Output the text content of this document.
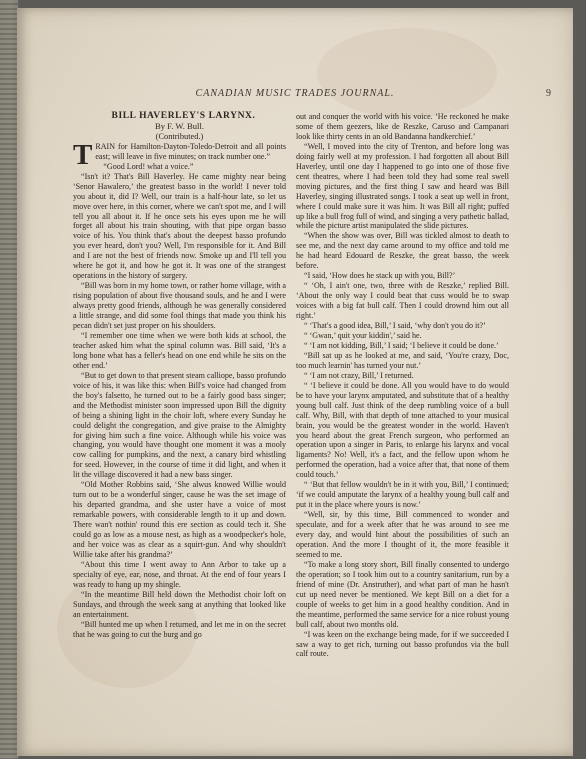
CANADIAN MUSIC TRADES JOURNAL.	9

BILL HAVERLEY'S LARYNX.

By F. W. Bull.

(Contributed.)

TRAIN for Hamilton-Dayton-Toledo-Detroit and all points east; will leave in five minutes; on track number one.”

“Good Lord! what a voice.”

“Isn't it? That's Bill Haverley. He came mighty near being ‘Senor Hawalero,’ the greatest basso in the world! I never told you about it, did I? Well, our train is a half-hour late, so let us move over here, in this corner, where we can't spot me, and I will tell you all about it. If he once sets his eyes upon me he will forget all about his train shouting, with that pipe organ basso voice of his. You think that's about the deepest basso profundo you ever heard, don't you? Well, I'm responsible for it. And Bill and I are not the best of friends now. Smoke up and I'll tell you where he got it, and how he got it. It was one of the strangest operations in the history of surgery.

“Bill was born in my home town, or rather home village, with a rising population of about five thousand souls, and he and I were always pretty good friends, although he was generally considered a little strange, and did some fool things that made you think his pecan didn't set just proper on his shoulders.

“I remember one time when we were both kids at school, the teacher asked him what the spinal column was. Bill said, ‘It's a long bone what has a feller's head on one end while he sits on the other end.’

“But to get down to that present steam calliope, basso profundo voice of his, it was like this: when Bill's voice had changed from the boy's falsetto, he turned out to be a fairly good bass singer; and the Methodist minister soon impressed upon Bill the dignity of being a shining light in the choir loft, where every Sunday he could delight the congregation, and give praise to the Almighty for giving him such a fine voice. Although while his voice was changing, you would have thought one moment it was a mooly cow calling for pumpkins, and the next, a canary bird whistling for seed. However, in the course of time it did light, and when it lit the village discovered it had a new bass singer.

“Old Mother Robbins said, ‘She alwus knowed Willie would turn out to be a wonderful singer, cause he was the set image of his departed grandma, and she uster have a voice of most remarkable powers, with considerable length to it up and down. There wan't nothin' round this ere section as could tech it. She could go as low as a mouse nest, as high as a woodpecker's hole, and her voice was as clear as a squirt-gun. And why shouldn't Willie take after his grandma?’

“About this time I went away to Ann Arbor to take up a specialty of eye, ear, nose, and throat. At the end of four years I was ready to hang up my shingle.

“In the meantime Bill held down the Methodist choir loft on Sundays, and through the week sang at anything that looked like an entertainment.

“Bill hunted me up when I returned, and let me in on the secret that he was going to cut the burg and go

out and conquer the world with his voice. ‘He reckoned he make some of them geezers, like de Reszke, Caruso and Campanari look like thirty cents in an old Bandanna handkerchief.’

“Well, I moved into the city of Trenton, and before long was doing fairly well at my profession. I had forgotten all about Bill Haverley, until one day I happened to go into one of those five cent theatres, where I had been told they had some real swell moving pictures, and the first thing I saw and heard was Bill Haverley, singing illustrated songs. I took a seat up well in front, where I could make sure it was him. It was Bill all right; puffed up like a bull frog full of wind, and singing a very pathetic ballad, while the picture artist manipulated the slide pictures.

“When the show was over, Bill was tickled almost to death to see me, and the next day came around to my office and told me he had heard Edouard de Reszke, the great basso, the week before.

“I said, ‘How does he stack up with you, Bill?’

“ ‘Oh, I ain't one, two, three with de Reszke,’ replied Bill. ‘About the only way I could beat that cuss would be to swap voices with a big fat bull calf. Then I could drownd him out all right.’

“ ‘That's a good idea, Bill,’ I said, ‘why don't you do it?’

“ ‘Gwan,’ quit your kiddin',’ said he.

“ ‘I am not kidding, Bill,’ I said; ‘I believe it could be done.’

“Bill sat up as he looked at me, and said, ‘You're crazy, Doc, too much learnin' has turned your nut.’

“ ‘I am not crazy, Bill,’ I returned.

“ ‘I believe it could be done. All you would have to do would be to have your larynx amputated, and substitute that of a healthy young bull calf. Just think of the deep rumbling voice of a bull calf. Why, Bill, with that depth of tone attached to your musical brain, you would be the greatest wonder in the world. Haven't you heard about the great French surgeon, who performed an operation upon a singer in Paris, to enlarge his larynx and vocal ligaments? No! Well, it's a fact, and the fellow upon whom he performed the operation, had a voice after that, that none of them could touch.’

“ ‘But that fellow wouldn't be in it with you, Bill,’ I continued; ‘if we could amputate the larynx of a healthy young bull calf and put it in the place where yours is now.’

“Well, sir, by this time, Bill commenced to wonder and speculate, and for a week after that he was around to see me every day, and would hint about the possibilities of such an operation. And the more I thought of it, the more feasible it seemed to me.

“To make a long story short, Bill finally consented to undergo the operation; so I took him out to a country sanitarium, run by a friend of mine (Dr. Anstruther), and what part of man he hasn't cut up need never be mentioned. We kept Bill on a diet for a couple of weeks to get him in a good healthy condition. And in the meantime, performed the same service for a nice robust young bull calf, about two months old.

“I was keen on the exchange being made, for if we succeeded I saw a way to get rich, turning out basso profundos via the bull calf route.
